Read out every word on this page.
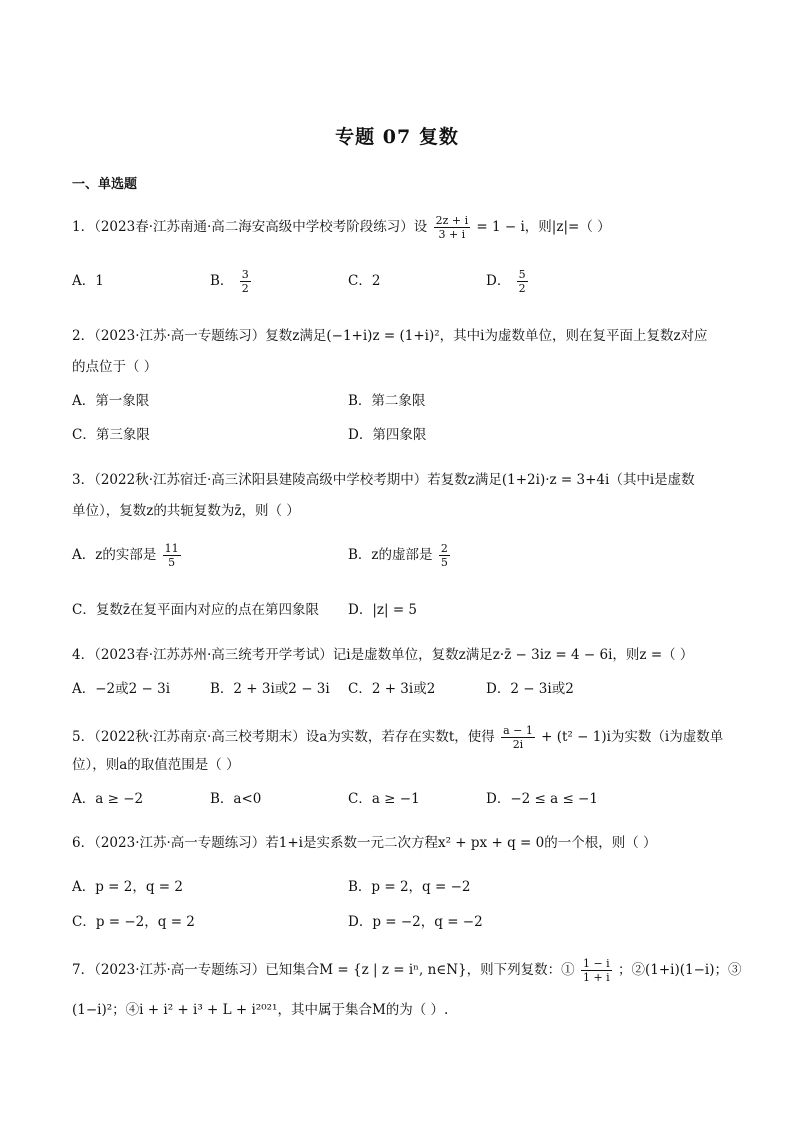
专题 07 复数
一、单选题
1．（2023春·江苏南通·高二海安高级中学校考阶段练习）设 $\frac{2z + i}{3 + i} = 1 - i$，则|z|=（ ）
A．1	B． $\frac{3}{2}$	C．2	D． $\frac{5}{2}$
2．（2023·江苏·高一专题练习）复数z满足(−1+i)z = (1+i)²，其中i为虚数单位，则在复平面上复数z对应
的点位于（ ）
A．第一象限	B．第二象限
C．第三象限	D．第四象限
3．（2022秋·江苏宿迁·高三沭阳县建陵高级中学校考期中）若复数z满足(1+2i)·z = 3+4i（其中i是虚数
单位），复数z的共轭复数为z̄，则（ ）
A．z的实部是 $\frac{11}{5}$	B．z的虚部是 $\frac{2}{5}$
C．复数z̄在复平面内对应的点在第四象限 D．|z| = 5
4．（2023春·江苏苏州·高三统考开学考试）记i是虚数单位，复数z满足z·z̄ − 3iz = 4 − 6i，则z =（ ）
A．−2或2 − 3i	B．2 + 3i或2 − 3i C．2 + 3i或2	D．2 − 3i或2
5．（2022秋·江苏南京·高三校考期末）设a为实数，若存在实数t，使得 $\frac{a - 1}{2i} + (t^2 - 1)i$为实数（i为虚数单
位），则a的取值范围是（ ）
A．a ≥ −2	B．a<0	C．a ≥ −1	D．−2 ≤ a ≤ −1
6．（2023·江苏·高一专题练习）若1+i是实系数一元二次方程x² + px + q = 0的一个根，则（ ）
A．p = 2，q = 2	B．p = 2，q = −2
C．p = −2，q = 2	D．p = −2，q = −2
7．（2023·江苏·高一专题练习）已知集合M = {z | z = iⁿ, n∈N}，则下列复数：① $\frac{1 - i}{1 + i}$ ；②(1+i)(1−i)；③
(1−i)²；④i + i² + i³ + L + i²⁰²¹，其中属于集合M的为（ ）.
